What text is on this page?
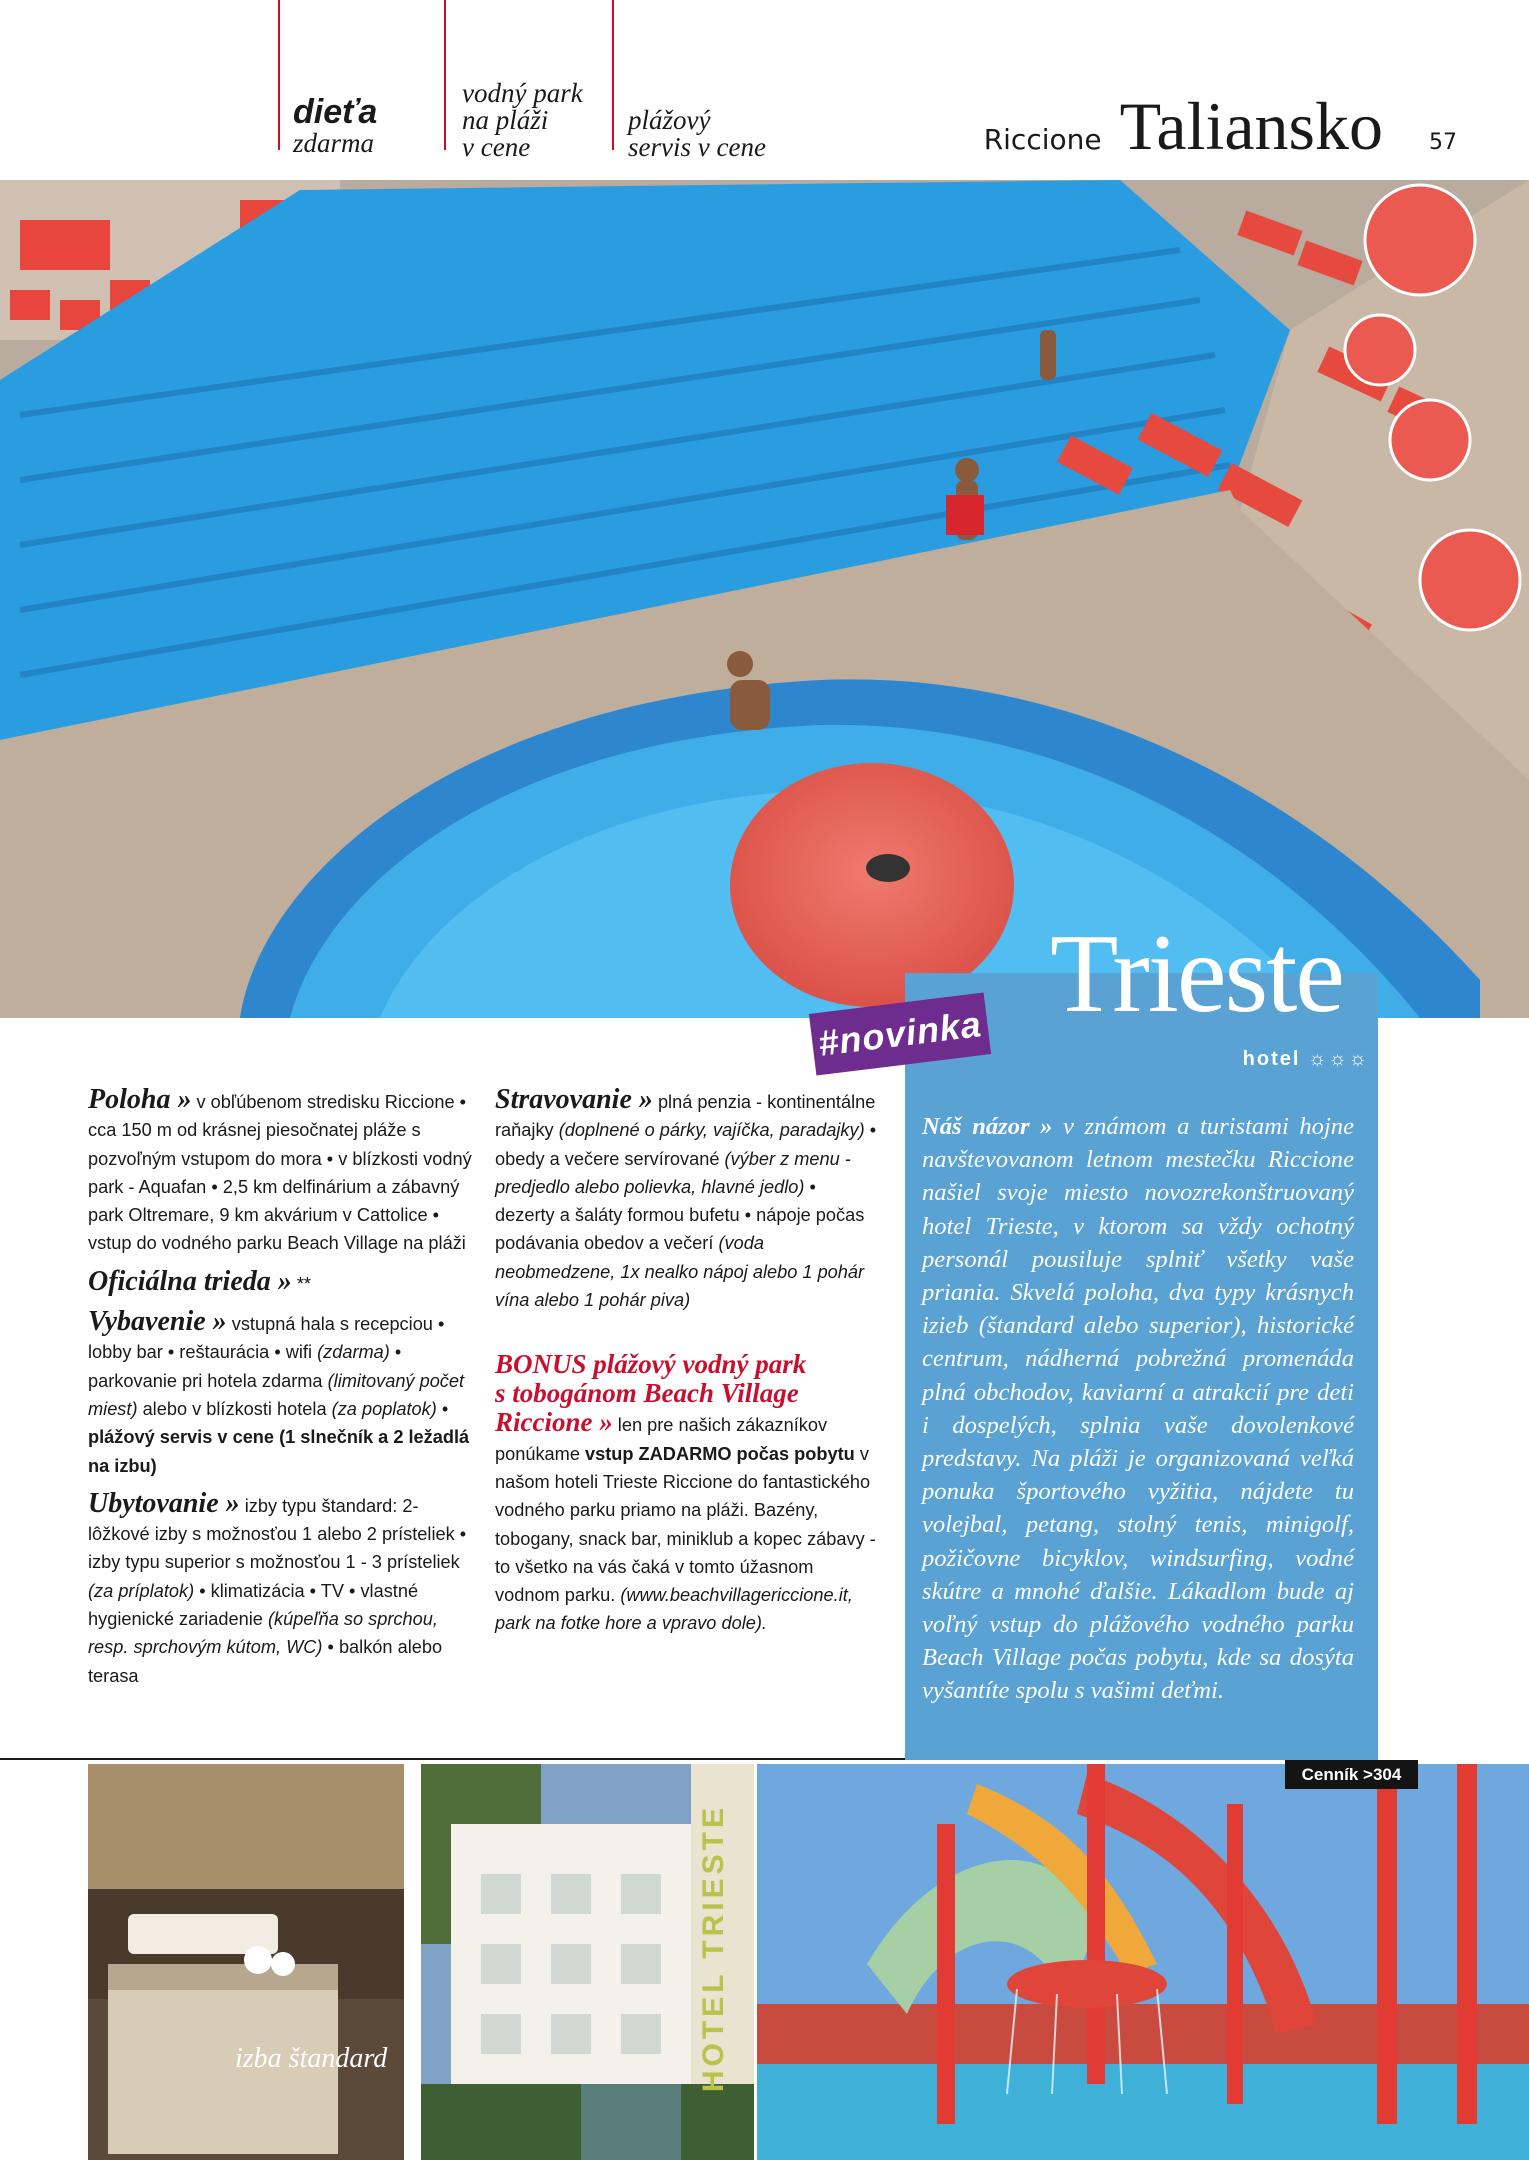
dieťa
zdarma
vodný park
na pláži
v cene
plážový
servis v cene	Riccione Taliansko 57
Trieste
hotel ☼☼☼
#novinka
Náš názor » v známom a turistami hojne navštevovanom letnom mestečku Riccione našiel svoje miesto novozrekonštruovaný hotel Trieste, v ktorom sa vždy ochotný personál pousiluje splniť všetky vaše priania. Skvelá poloha, dva typy krásnych izieb (štandard alebo superior), historické centrum, nádherná pobrežná promenáda plná obchodov, kaviarní a atrakcií pre deti i dospelých, splnia vaše dovolenkové predstavy. Na pláži je organizovaná veľká ponuka športového vyžitia, nájdete tu volejbal, petang, stolný tenis, minigolf, požičovne bicyklov, windsurfing, vodné skútre a mnohé ďalšie. Lákadlom bude aj voľný vstup do plážového vodného parku Beach Village počas pobytu, kde sa dosýta vyšantíte spolu s vašimi deťmi.

Poloha » v obľúbenom stredisku Riccione • cca 150 m od krásnej piesočnatej pláže s pozvoľným vstupom do mora • v blízkosti vodný park - Aquafan • 2,5 km delfinárium a zábavný park Oltremare, 9 km akvárium v Cattolice • vstup do vodného parku Beach Village na pláži

Oficiálna trieda » **

Vybavenie » vstupná hala s recepciou • lobby bar • reštaurácia • wifi (zdarma) • parkovanie pri hotela zdarma (limitovaný počet miest) alebo v blízkosti hotela (za poplatok) • plážový servis v cene (1 slnečník a 2 ležadlá na izbu)

Ubytovanie » izby typu štandard: 2-lôžkové izby s možnosťou 1 alebo 2 prísteliek • izby typu superior s možnosťou 1 - 3 prísteliek (za príplatok) • klimatizácia • TV • vlastné hygienické zariadenie (kúpeľňa so sprchou, resp. sprchovým kútom, WC) • balkón alebo terasa

Stravovanie » plná penzia - kontinentálne raňajky (doplnené o párky, vajíčka, paradajky) • obedy a večere servírované (výber z menu - predjedlo alebo polievka, hlavné jedlo) • dezerty a šaláty formou bufetu • nápoje počas podávania obedov a večerí (voda neobmedzene, 1x nealko nápoj alebo 1 pohár vína alebo 1 pohár piva)

BONUS plážový vodný park
s tobogánom Beach Village
Riccione » len pre našich zákazníkov ponúkame vstup ZADARMO počas pobytu v našom hoteli Trieste Riccione do fantastického vodného parku priamo na pláži. Bazény, tobogany, snack bar, miniklub a kopec zábavy - to všetko na vás čaká v tomto úžasnom vodnom parku. (www.beachvillagericcione.it, park na fotke hore a vpravo dole).

izba štandard	HOTEL TRIESTE
Cenník >304
